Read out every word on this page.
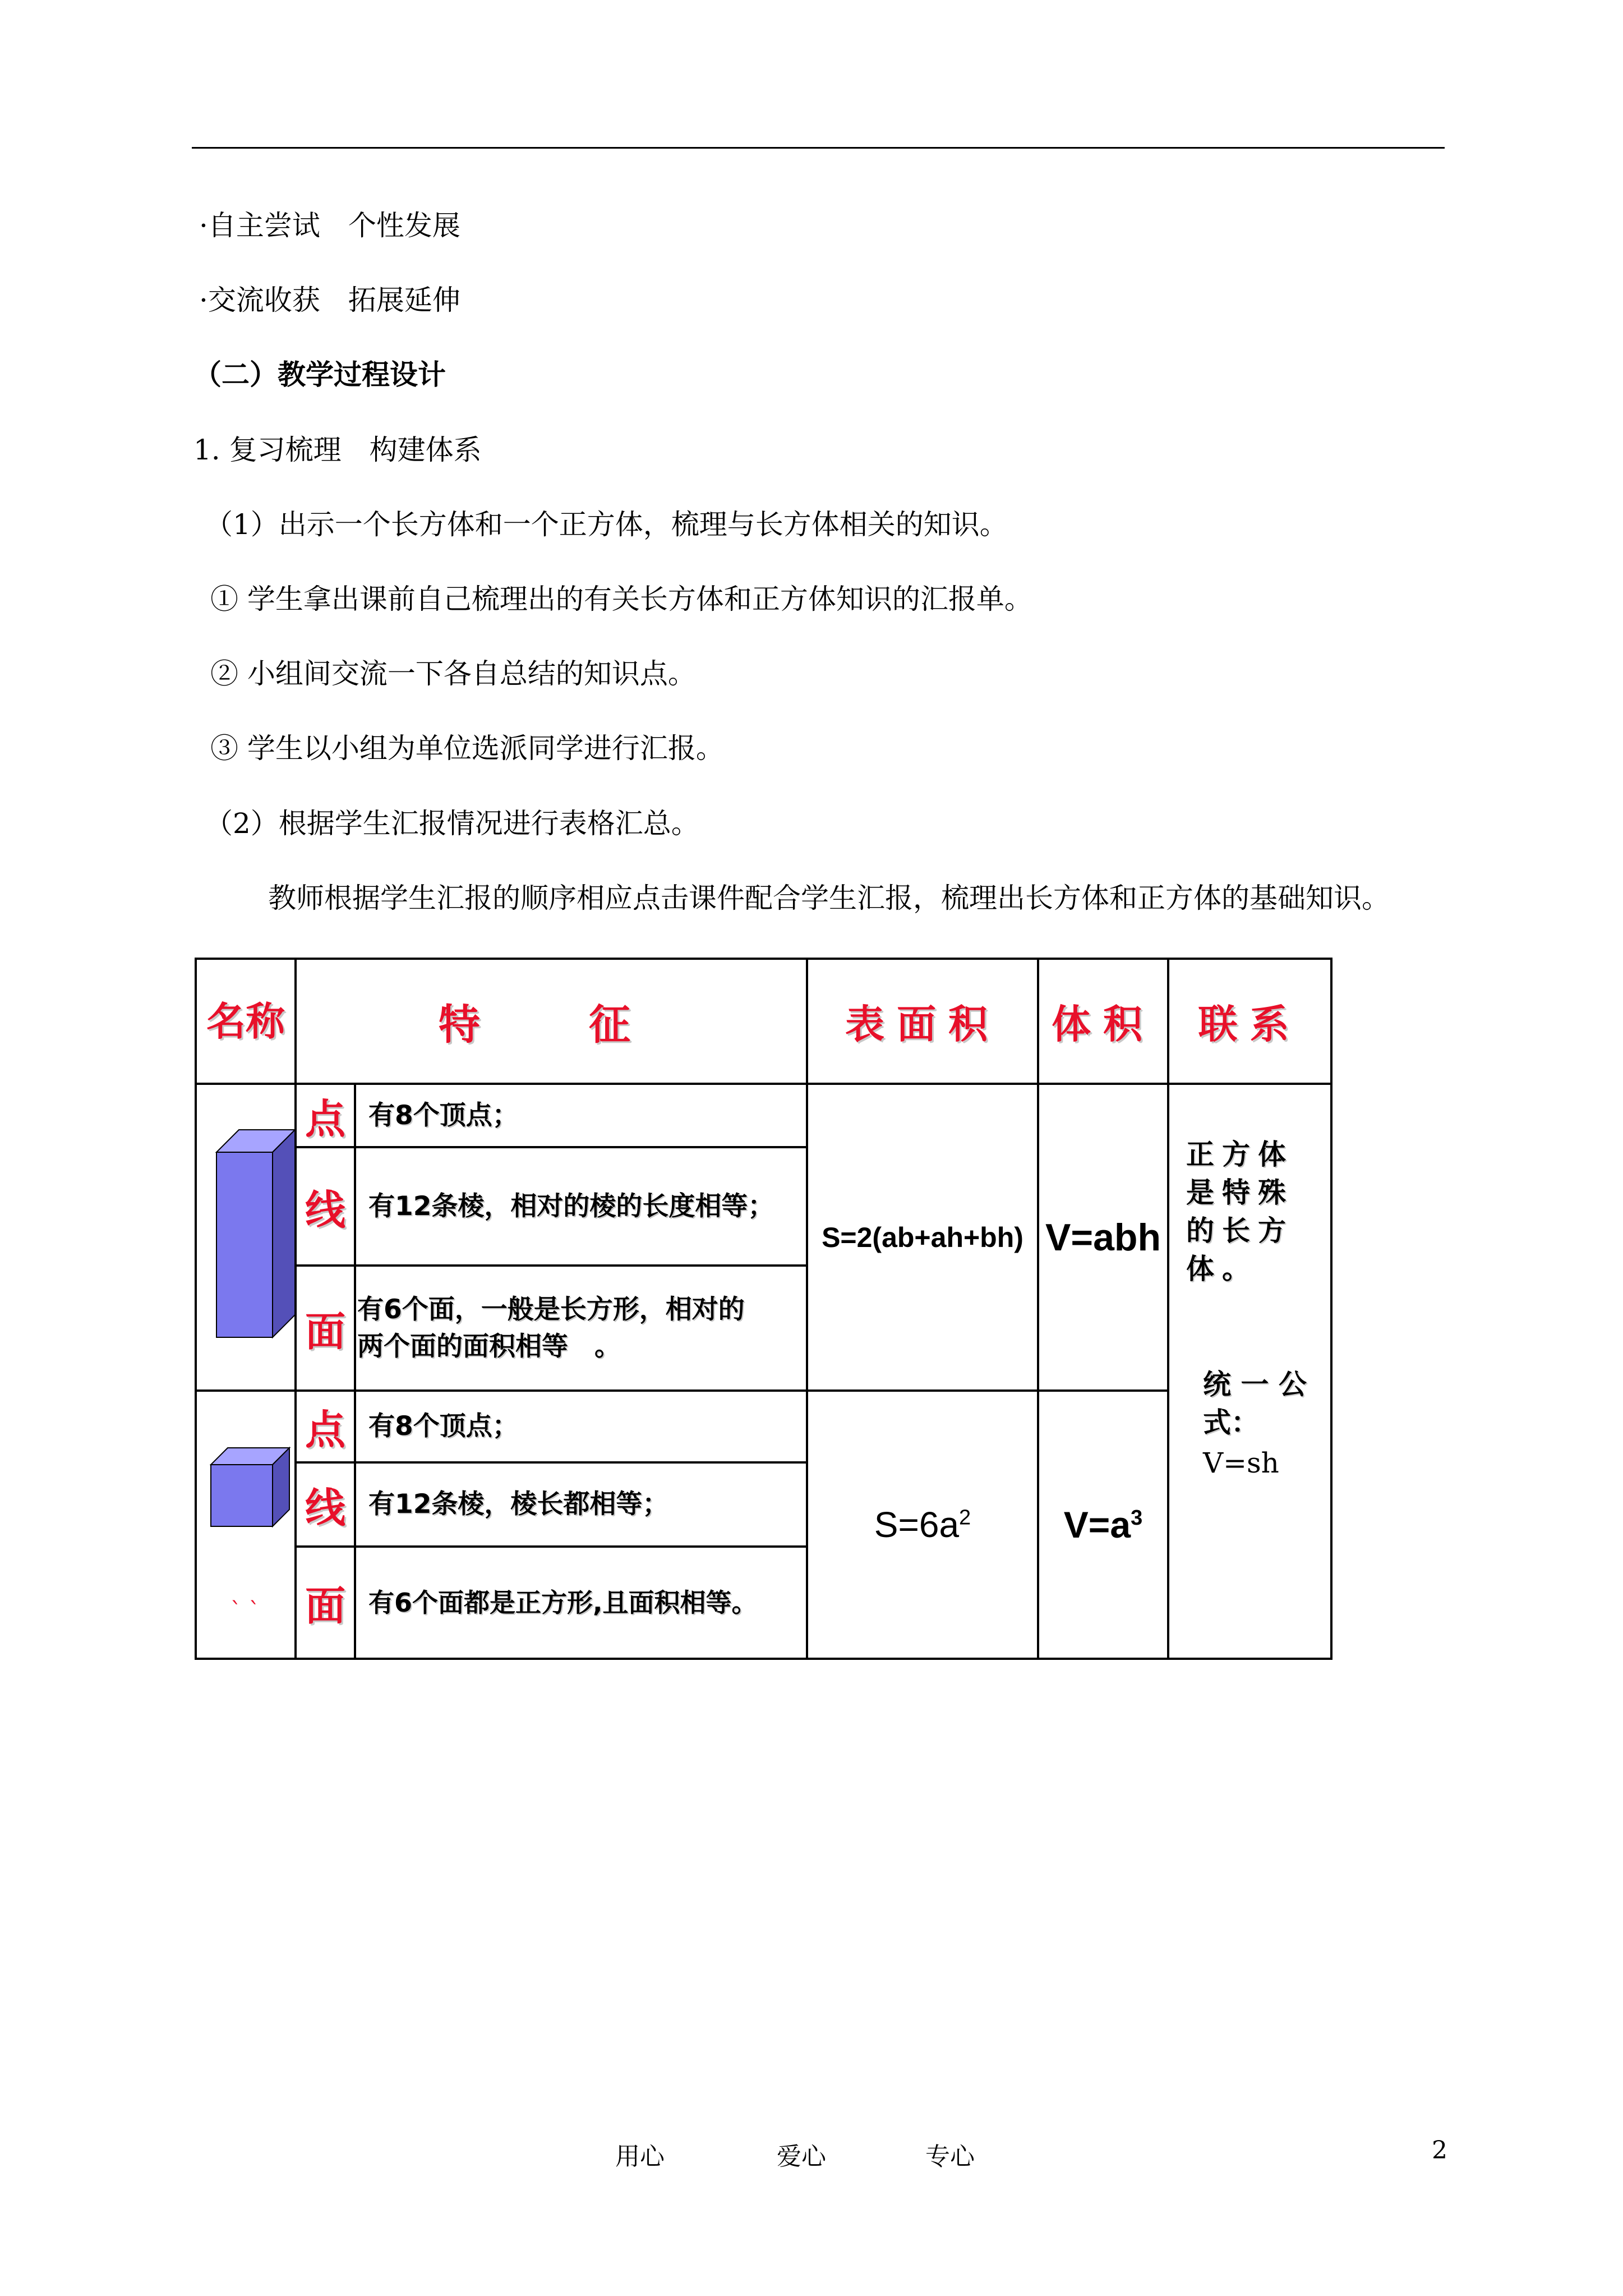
·自主尝试　个性发展
·交流收获　拓展延伸
（二）教学过程设计
1. 复习梳理　构建体系
（1）出示一个长方体和一个正方体，梳理与长方体相关的知识。
① 学生拿出课前自己梳理出的有关长方体和正方体知识的汇报单。
② 小组间交流一下各自总结的知识点。
③ 学生以小组为单位选派同学进行汇报。
（2）根据学生汇报情况进行表格汇总。
教师根据学生汇报的顺序相应点击课件配合学生汇报，梳理出长方体和正方体的基础知识。
名称	特　征		表面积	体积	联系

	点	有8个顶点；	S=2(ab+ah+bh)	V=abh	正方体是特殊的长方体。
统 一 公式：
V=sh

	线	有12条棱，相对的棱的长度相等；			
	面	有6个面，一般是长方形，相对的
两个面的面积相等　。			

ˋ ˋ	点	有8个顶点；	$S=6a^2$	$V=a^3$
	线	有12条棱，棱长都相等；			
	面	有6个面都是正方形,且面积相等。			
用心	爱心	专心	2
